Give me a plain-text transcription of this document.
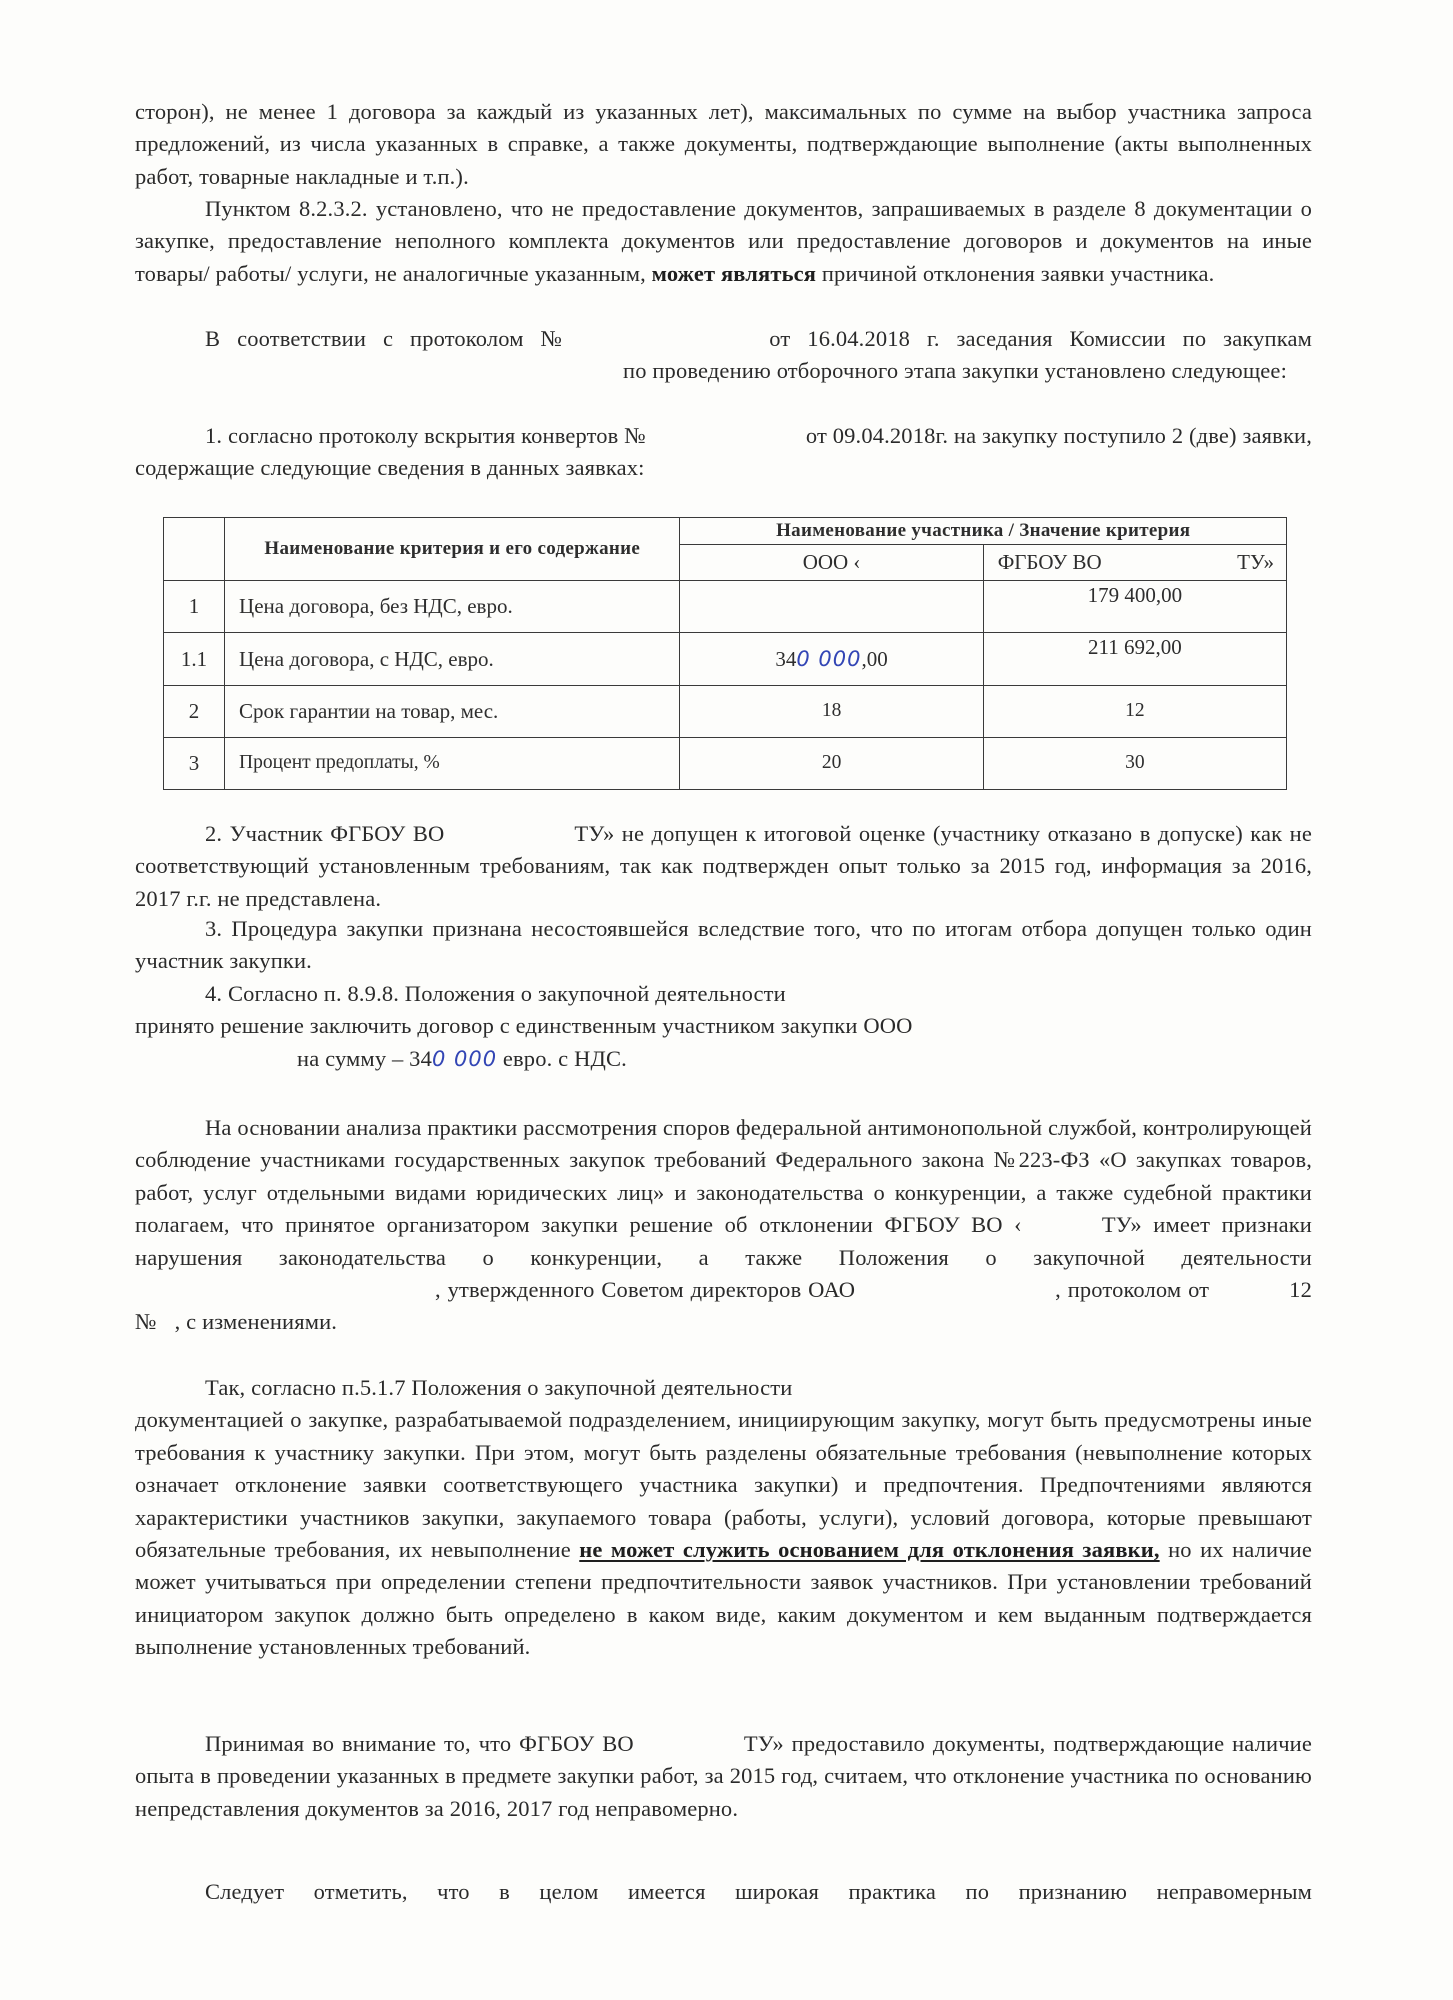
сторон), не менее 1 договора за каждый из указанных лет), максимальных по сумме на выбор участника запроса предложений, из числа указанных в справке, а также документы, подтверждающие выполнение (акты выполненных работ, товарные накладные и т.п.).

Пунктом 8.2.3.2. установлено, что не предоставление документов, запрашиваемых в разделе 8 документации о закупке, предоставление неполного комплекта документов или предоставление договоров и документов на иные товары/ работы/ услуги, не аналогичные указанным, может являться причиной отклонения заявки участника.

В соответствии с протоколом №	от 16.04.2018 г. заседания Комиссии по закупкампо проведению отборочного этапа закупки установлено следующее:

1. согласно протоколу вскрытия конвертов №	от 09.04.2018г. на закупку поступило 2 (две) заявки, содержащие следующие сведения в данных заявках:

	Наименование критерия и его содержание	Наименование участника / Значение критерия	
		ООО ‹	ФГБОУ ВО ТУ»

1	Цена договора, без НДС, евро.		179 400,00
1.1	Цена договора, с НДС, евро.	340 000,00	211 692,00
2	Срок гарантии на товар, мес.	18	12
3	Процент предоплаты, %	20	30

2. Участник ФГБОУ ВО	ТУ» не допущен к итоговой оценке (участнику отказано в допуске) как не соответствующий установленным требованиям, так как подтвержден опыт только за 2015 год, информация за 2016, 2017 г.г. не представлена.

3. Процедура закупки признана несостоявшейся вследствие того, что по итогам отбора допущен только один участник закупки.

4. Согласно п. 8.9.8. Положения о закупочной деятельности

принято решение заключить договор с единственным участником закупки ООО

на сумму – 340 000 евро. с НДС.

На основании анализа практики рассмотрения споров федеральной антимонопольной службой, контролирующей соблюдение участниками государственных закупок требований Федерального закона №223-ФЗ «О закупках товаров, работ, услуг отдельными видами юридических лиц» и законодательства о конкуренции, а также судебной практики полагаем, что принятое организатором закупки решение об отклонении ФГБОУ ВО ‹	ТУ» имеет признаки нарушения законодательства о конкуренции, а также Положения о закупочной деятельности, утвержденного Советом директоров ОАО	, протоколом от	12 № , с изменениями.

Так, согласно п.5.1.7 Положения о закупочной деятельности

документацией о закупке, разрабатываемой подразделением, инициирующим закупку, могут быть предусмотрены иные требования к участнику закупки. При этом, могут быть разделены обязательные требования (невыполнение которых означает отклонение заявки соответствующего участника закупки) и предпочтения. Предпочтениями являются характеристики участников закупки, закупаемого товара (работы, услуги), условий договора, которые превышают обязательные требования, их невыполнение не может служить основанием для отклонения заявки, но их наличие может учитываться при определении степени предпочтительности заявок участников. При установлении требований инициатором закупок должно быть определено в каком виде, каким документом и кем выданным подтверждается выполнение установленных требований.

Принимая во внимание то, что ФГБОУ ВО	ТУ» предоставило документы, подтверждающие наличие опыта в проведении указанных в предмете закупки работ, за 2015 год, считаем, что отклонение участника по основанию непредставления документов за 2016, 2017 год неправомерно.

Следует отметить, что в целом имеется широкая практика по признанию неправомерным
